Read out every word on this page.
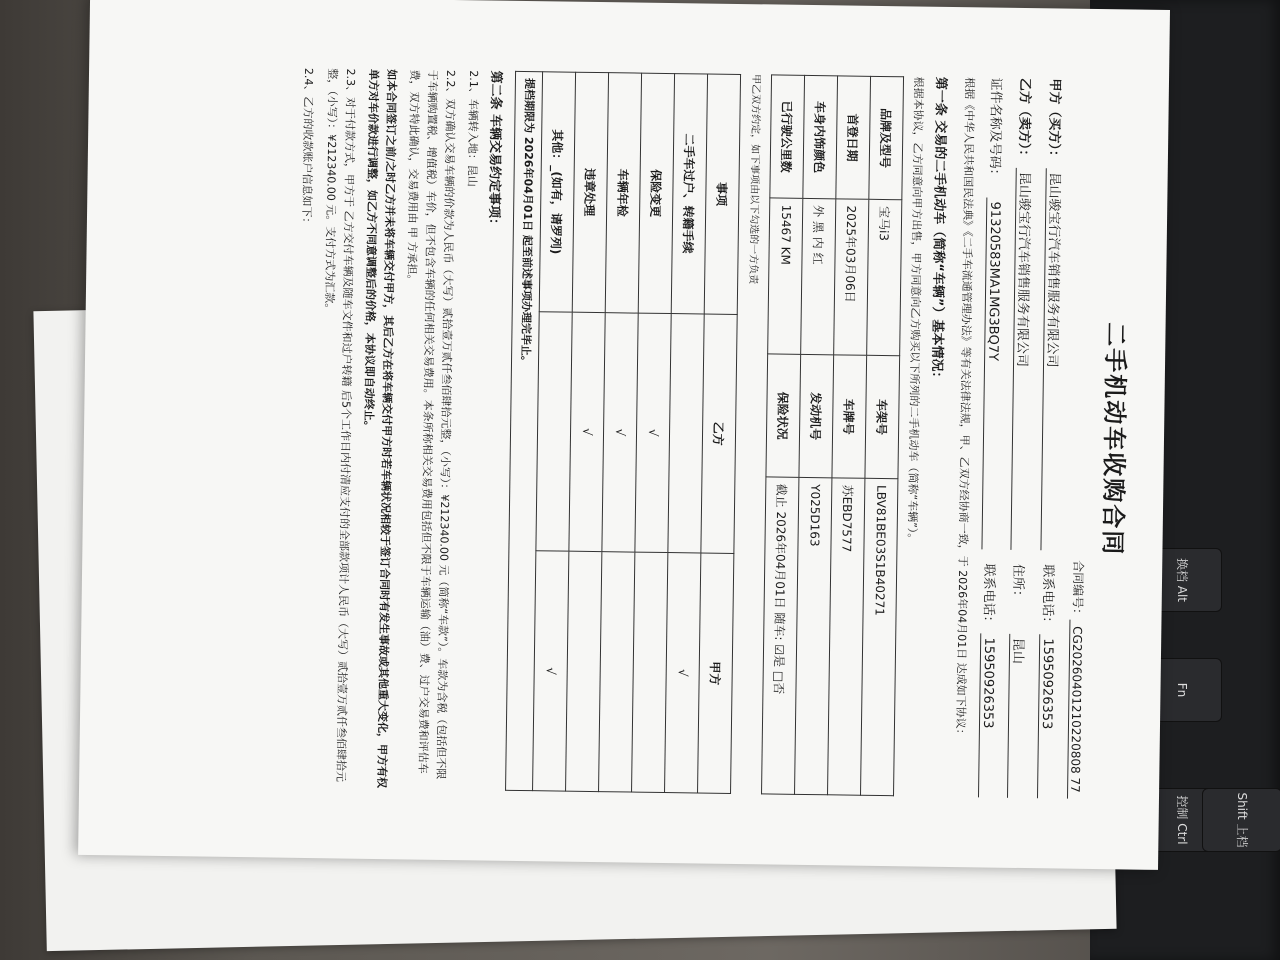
换档 Alt
Fn
控制 Ctrl	Shift 上档
二手机动车收购合同
合同编号：CG20260401210220808 77
甲方（买方）：
昆山骏宝行汽车销售服务有限公司
联系电话：
15950926353
乙方（卖方）：
昆山骏宝行汽车销售服务有限公司
住所：
昆山
证件名称及号码：
91320583MA1MG3BQ7Y
联系电话：
15950926353
根据《中华人民共和国民法典》《二手车流通管理办法》等有关法律法规，甲、乙双方经协商一致，于 2026年04月01日 达成如下协议：
第一条 交易的二手机动车（简称“车辆”）基本情况：
根据本协议，乙方同意向甲方出售，甲方同意向乙方购买以下所列的二手机动车（简称“车辆”）。
品牌及型号	宝马i3	车架号	LBV81BE03S1B40271
首登日期	2025年03月06日	车牌号	苏EBD7577
车身内饰颜色	外 黑 内 红	发动机号	Y025D163
已行驶公里数	15467 KM	保险状况	截止 2026年04月01日 随车: ☑是 □否
甲乙双方约定，如下事项由以下勾选的一方负责
事项	乙方	甲方
二手车过户、转籍手续		√
保险变更	√	
车辆年检	√	
违章处理	√	
其他：_(如有，请罗列)		√
提档期限为 2026年04月01日 起至前述事项办理完毕止。
第二条 车辆交易约定事项：
2.1、车辆转入地：昆山
2.2、双方确认交易车辆的价款为人民币（大写）贰拾壹万贰仟叁佰肆拾元整，（小写）：¥212340.00 元（简称“车款”）。车款为含税（包括但不限于车辆购置税、增值税）车价，但不包含车辆的任何相关交易费用。本条所称相关交易费用包括但不限于车辆运输（油）费、过户交易费和评估车费，双方特此确认，交易费用由 甲 方承担。
如本合同签订之前/之时乙方并未将车辆交付甲方，其后乙方在将车辆交付甲方时若车辆状况相较于签订合同时有发生事故或其他重大变化，甲方有权单方对车价款进行调整，如乙方不同意调整后的价格，本协议即自动终止。
2.3、对于付款方式，甲方于 乙方交付车辆及随车文件和过户转籍 后5个工作日内付清应支付的全部款项计人民币（大写）贰拾壹万贰仟叁佰肆拾元整，（小写）：¥212340.00 元。支付方式为汇款。
2.4、乙方的收款账户信息如下：
